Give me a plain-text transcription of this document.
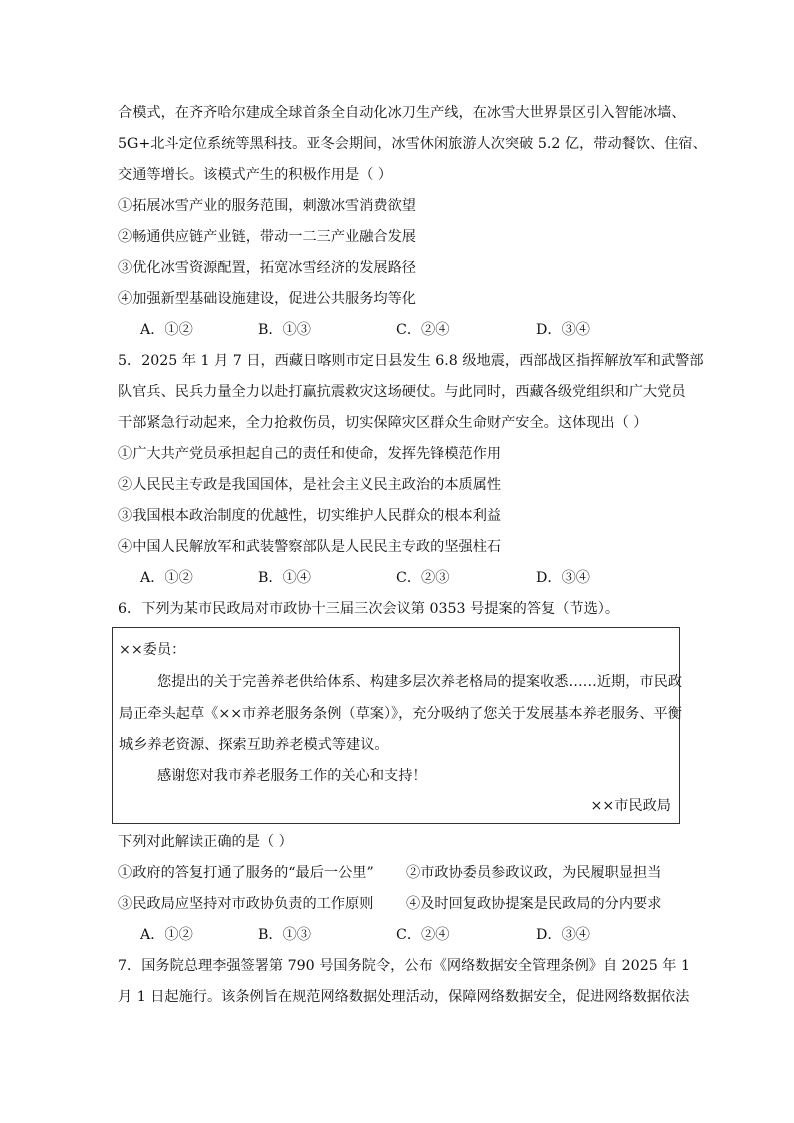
合模式，在齐齐哈尔建成全球首条全自动化冰刀生产线，在冰雪大世界景区引入智能冰墙、
5G+北斗定位系统等黑科技。亚冬会期间，冰雪休闲旅游人次突破 5.2 亿，带动餐饮、住宿、
交通等增长。该模式产生的积极作用是（ ）
①拓展冰雪产业的服务范围，刺激冰雪消费欲望
②畅通供应链产业链，带动一二三产业融合发展
③优化冰雪资源配置，拓宽冰雪经济的发展路径
④加强新型基础设施建设，促进公共服务均等化
A．①②	B．①③	C．②④	D．③④
5．2025 年 1 月 7 日，西藏日喀则市定日县发生 6.8 级地震，西部战区指挥解放军和武警部
队官兵、民兵力量全力以赴打赢抗震救灾这场硬仗。与此同时，西藏各级党组织和广大党员
干部紧急行动起来，全力抢救伤员，切实保障灾区群众生命财产安全。这体现出（ ）
①广大共产党员承担起自己的责任和使命，发挥先锋模范作用
②人民民主专政是我国国体，是社会主义民主政治的本质属性
③我国根本政治制度的优越性，切实维护人民群众的根本利益
④中国人民解放军和武装警察部队是人民民主专政的坚强柱石
A．①②	B．①④	C．②③	D．③④
6．下列为某市民政局对市政协十三届三次会议第 0353 号提案的答复（节选）。
××委员：
您提出的关于完善养老供给体系、构建多层次养老格局的提案收悉……近期，市民政
局正牵头起草《××市养老服务条例（草案）》，充分吸纳了您关于发展基本养老服务、平衡
城乡养老资源、探索互助养老模式等建议。
感谢您对我市养老服务工作的关心和支持！
××市民政局
下列对此解读正确的是（ ）
①政府的答复打通了服务的“最后一公里” ②市政协委员参政议政，为民履职显担当
③民政局应坚持对市政协负责的工作原则 ④及时回复政协提案是民政局的分内要求
A．①②	B．①③	C．②④	D．③④
7．国务院总理李强签署第 790 号国务院令，公布《网络数据安全管理条例》自 2025 年 1
月 1 日起施行。该条例旨在规范网络数据处理活动，保障网络数据安全，促进网络数据依法
